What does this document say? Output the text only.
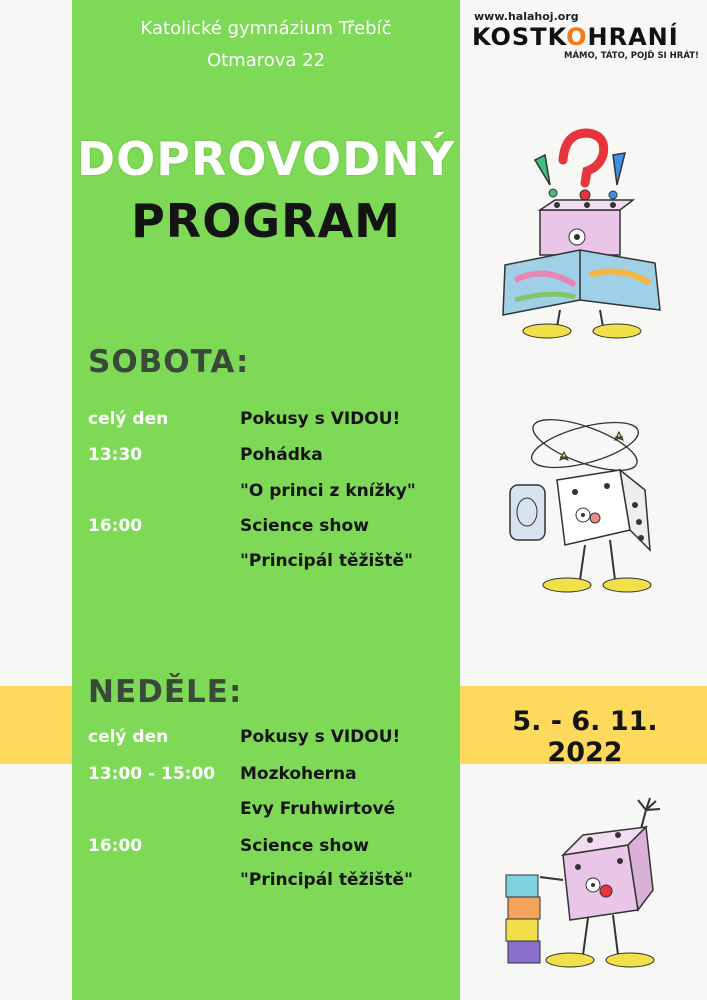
Katolické gymnázium Třebíč
Otmarova 22
DOPROVODNÝ
PROGRAM
SOBOTA:
celý den	Pokusy s VIDOU!
13:30	Pohádka
"O princi z knížky"
16:00	Science show
"Principál těžiště"
NEDĚLE:
celý den	Pokusy s VIDOU!
13:00 - 15:00 Mozkoherna
Evy Fruhwirtové
16:00	Science show
"Principál těžiště"
5. - 6. 11. 2022
www.halahoj.org
KOSTKOHRANÍ
MÁMO, TÁTO, POJĎ SI HRÁT!
